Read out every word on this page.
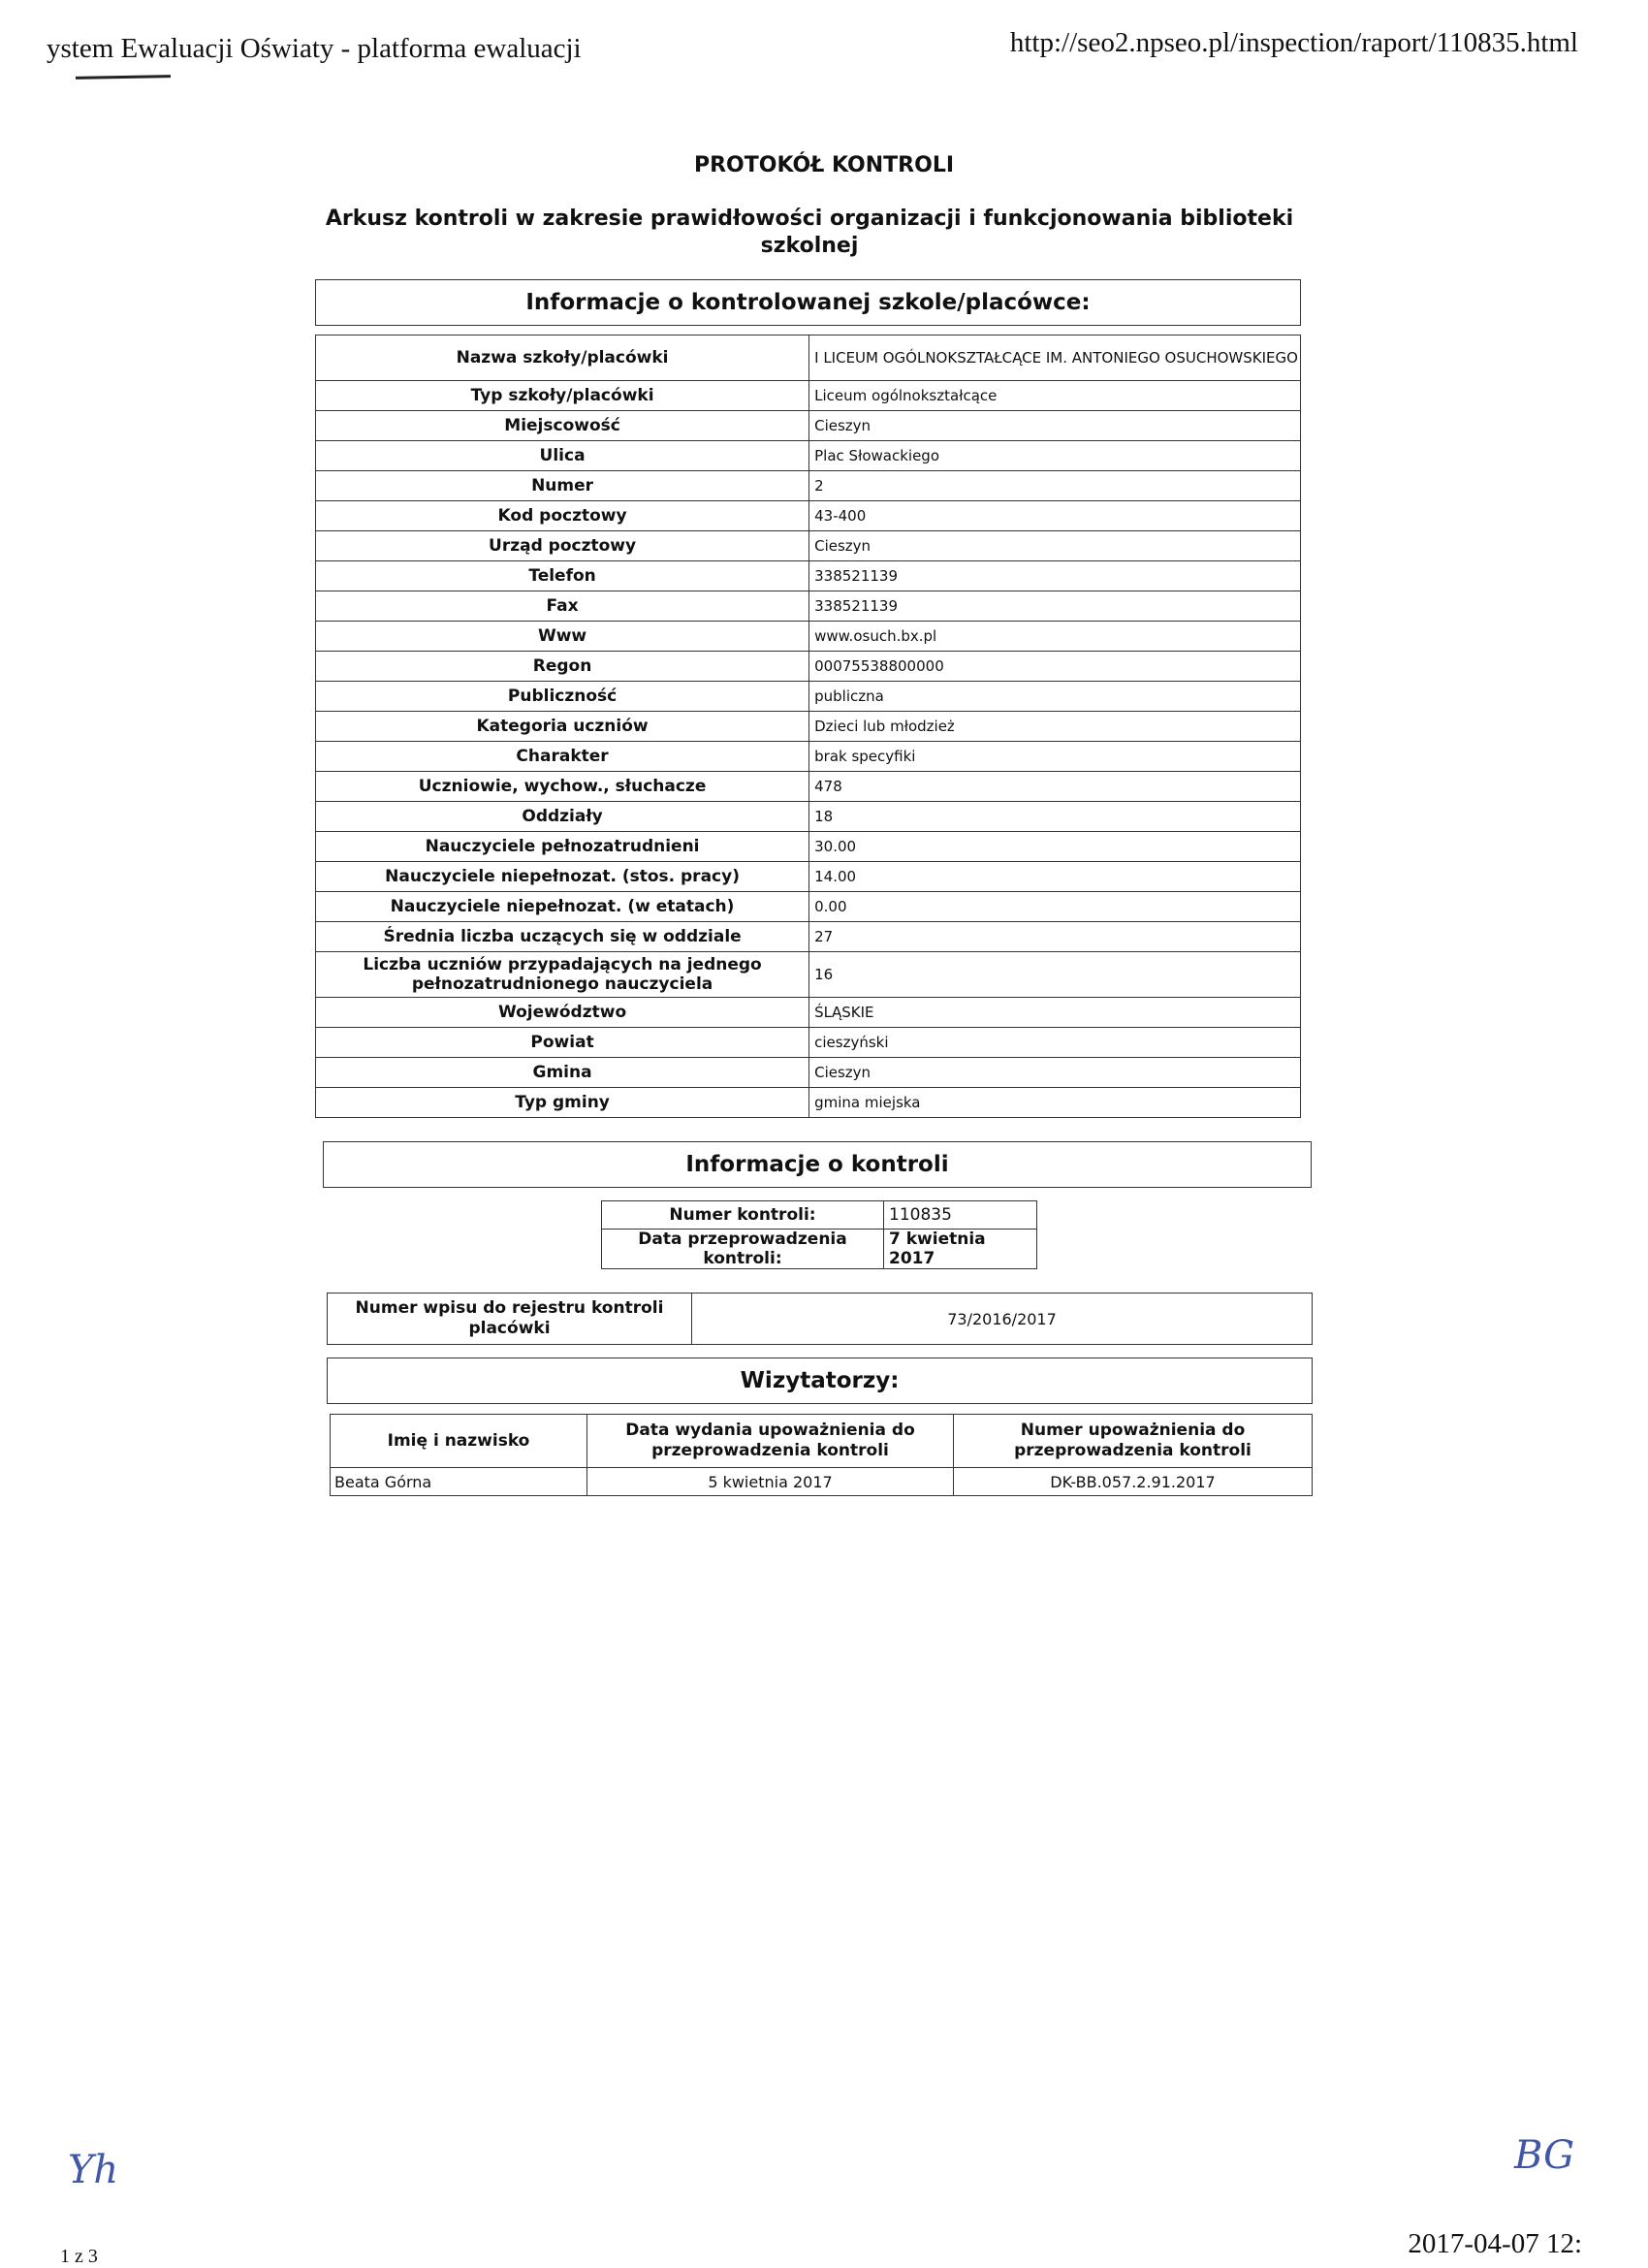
ystem Ewaluacji Oświaty - platforma ewaluacji	http://seo2.npseo.pl/inspection/raport/110835.html
PROTOKÓŁ KONTROLI
Arkusz kontroli w zakresie prawidłowości organizacji i funkcjonowania biblioteki szkolnej
Informacje o kontrolowanej szkole/placówce:
Nazwa szkoły/placówki	I LICEUM OGÓLNOKSZTAŁCĄCE IM. ANTONIEGO OSUCHOWSKIEGO
Typ szkoły/placówki	Liceum ogólnokształcące
Miejscowość	Cieszyn
Ulica	Plac Słowackiego
Numer	2
Kod pocztowy	43-400
Urząd pocztowy	Cieszyn
Telefon	338521139
Fax	338521139
Www	www.osuch.bx.pl
Regon	00075538800000
Publiczność	publiczna
Kategoria uczniów	Dzieci lub młodzież
Charakter	brak specyfiki
Uczniowie, wychow., słuchacze	478
Oddziały	18
Nauczyciele pełnozatrudnieni	30.00
Nauczyciele niepełnozat. (stos. pracy)	14.00
Nauczyciele niepełnozat. (w etatach)	0.00
Średnia liczba uczących się w oddziale	27
Liczba uczniów przypadających na jednego pełnozatrudnionego nauczyciela	16
Województwo	ŚLĄSKIE
Powiat	cieszyński
Gmina	Cieszyn
Typ gminy	gmina miejska
Informacje o kontroli
Numer kontroli:	110835
Data przeprowadzenia kontroli:	7 kwietnia 2017
Numer wpisu do rejestru kontroli placówki	73/2016/2017
Wizytatorzy:
Imię i nazwisko	Data wydania upoważnienia do przeprowadzenia kontroli	Numer upoważnienia do przeprowadzenia kontroli
Beata Górna	5 kwietnia 2017	DK-BB.057.2.91.2017
Yh	BG
1 z 3	2017-04-07 12:
